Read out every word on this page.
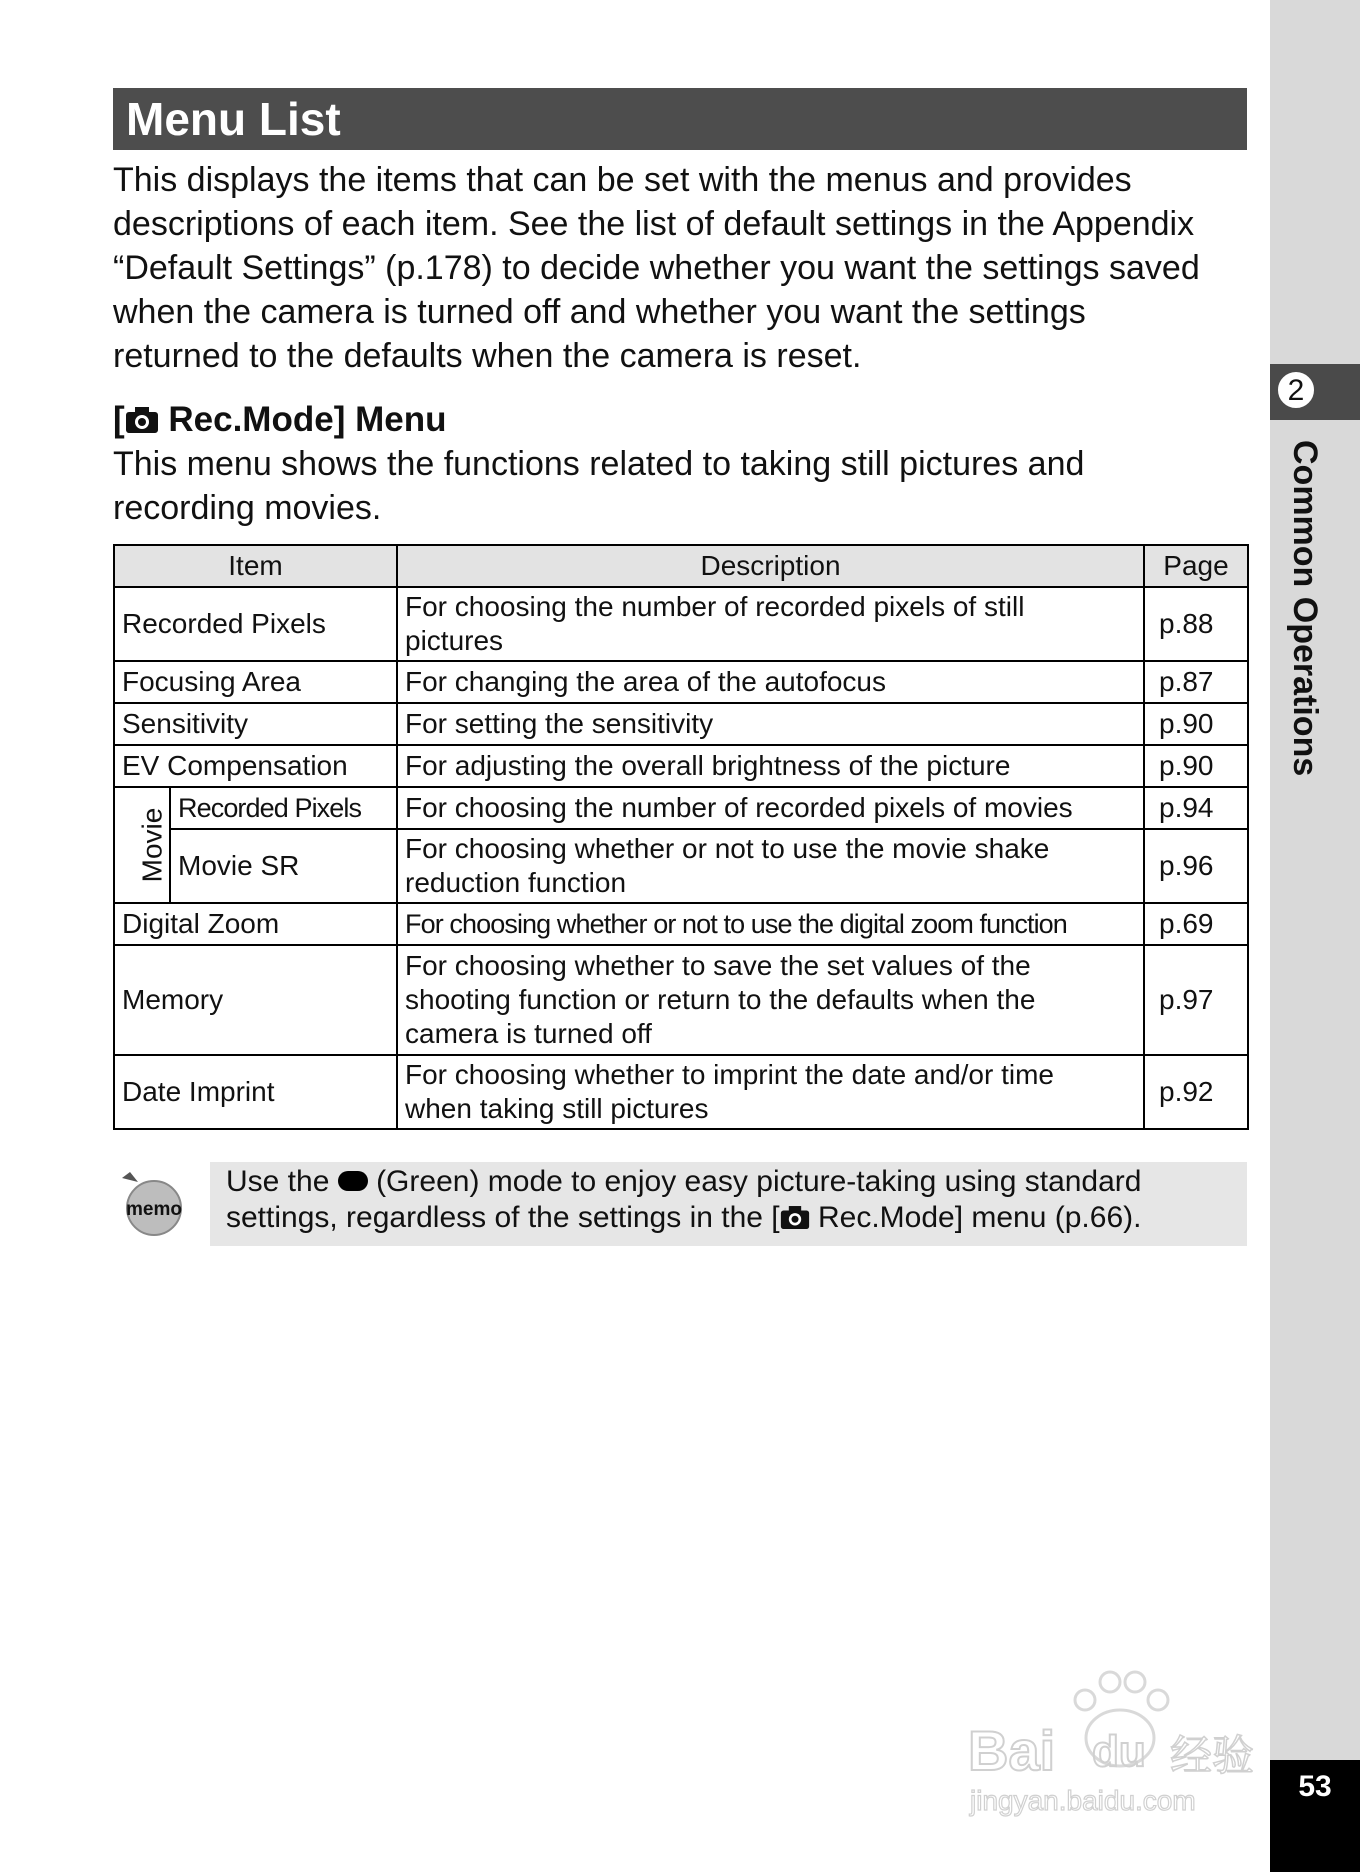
2
Common Operations
53
Menu List

This displays the items that can be set with the menus and provides

descriptions of each item. See the list of default settings in the Appendix

“Default Settings” (p.178) to decide whether you want the settings saved

when the camera is turned off and whether you want the settings

returned to the defaults when the camera is reset.

[ Rec.Mode] Menu

This menu shows the functions related to taking still pictures and

recording movies.

Item		Description	Page
Recorded Pixels		For choosing the number of recorded pixels of still
pictures	p.88
Focusing Area		For changing the area of the autofocus	p.87
Sensitivity		For setting the sensitivity	p.90
EV Compensation		For adjusting the overall brightness of the picture	p.90
Movie	Recorded Pixels	For choosing the number of recorded pixels of movies	p.94
	Movie SR	For choosing whether or not to use the movie shake
reduction function	p.96
Digital Zoom		For choosing whether or not to use the digital zoom function	p.69
Memory		For choosing whether to save the set values of the
shooting function or return to the defaults when the
camera is turned off	p.97
Date Imprint		For choosing whether to imprint the date and/or time
when taking still pictures	p.92
memo

Use the  (Green) mode to enjoy easy picture-taking using standard

settings, regardless of the settings in the [ Rec.Mode] menu (p.66).

Bai du 经验
jingyan.baidu.com
